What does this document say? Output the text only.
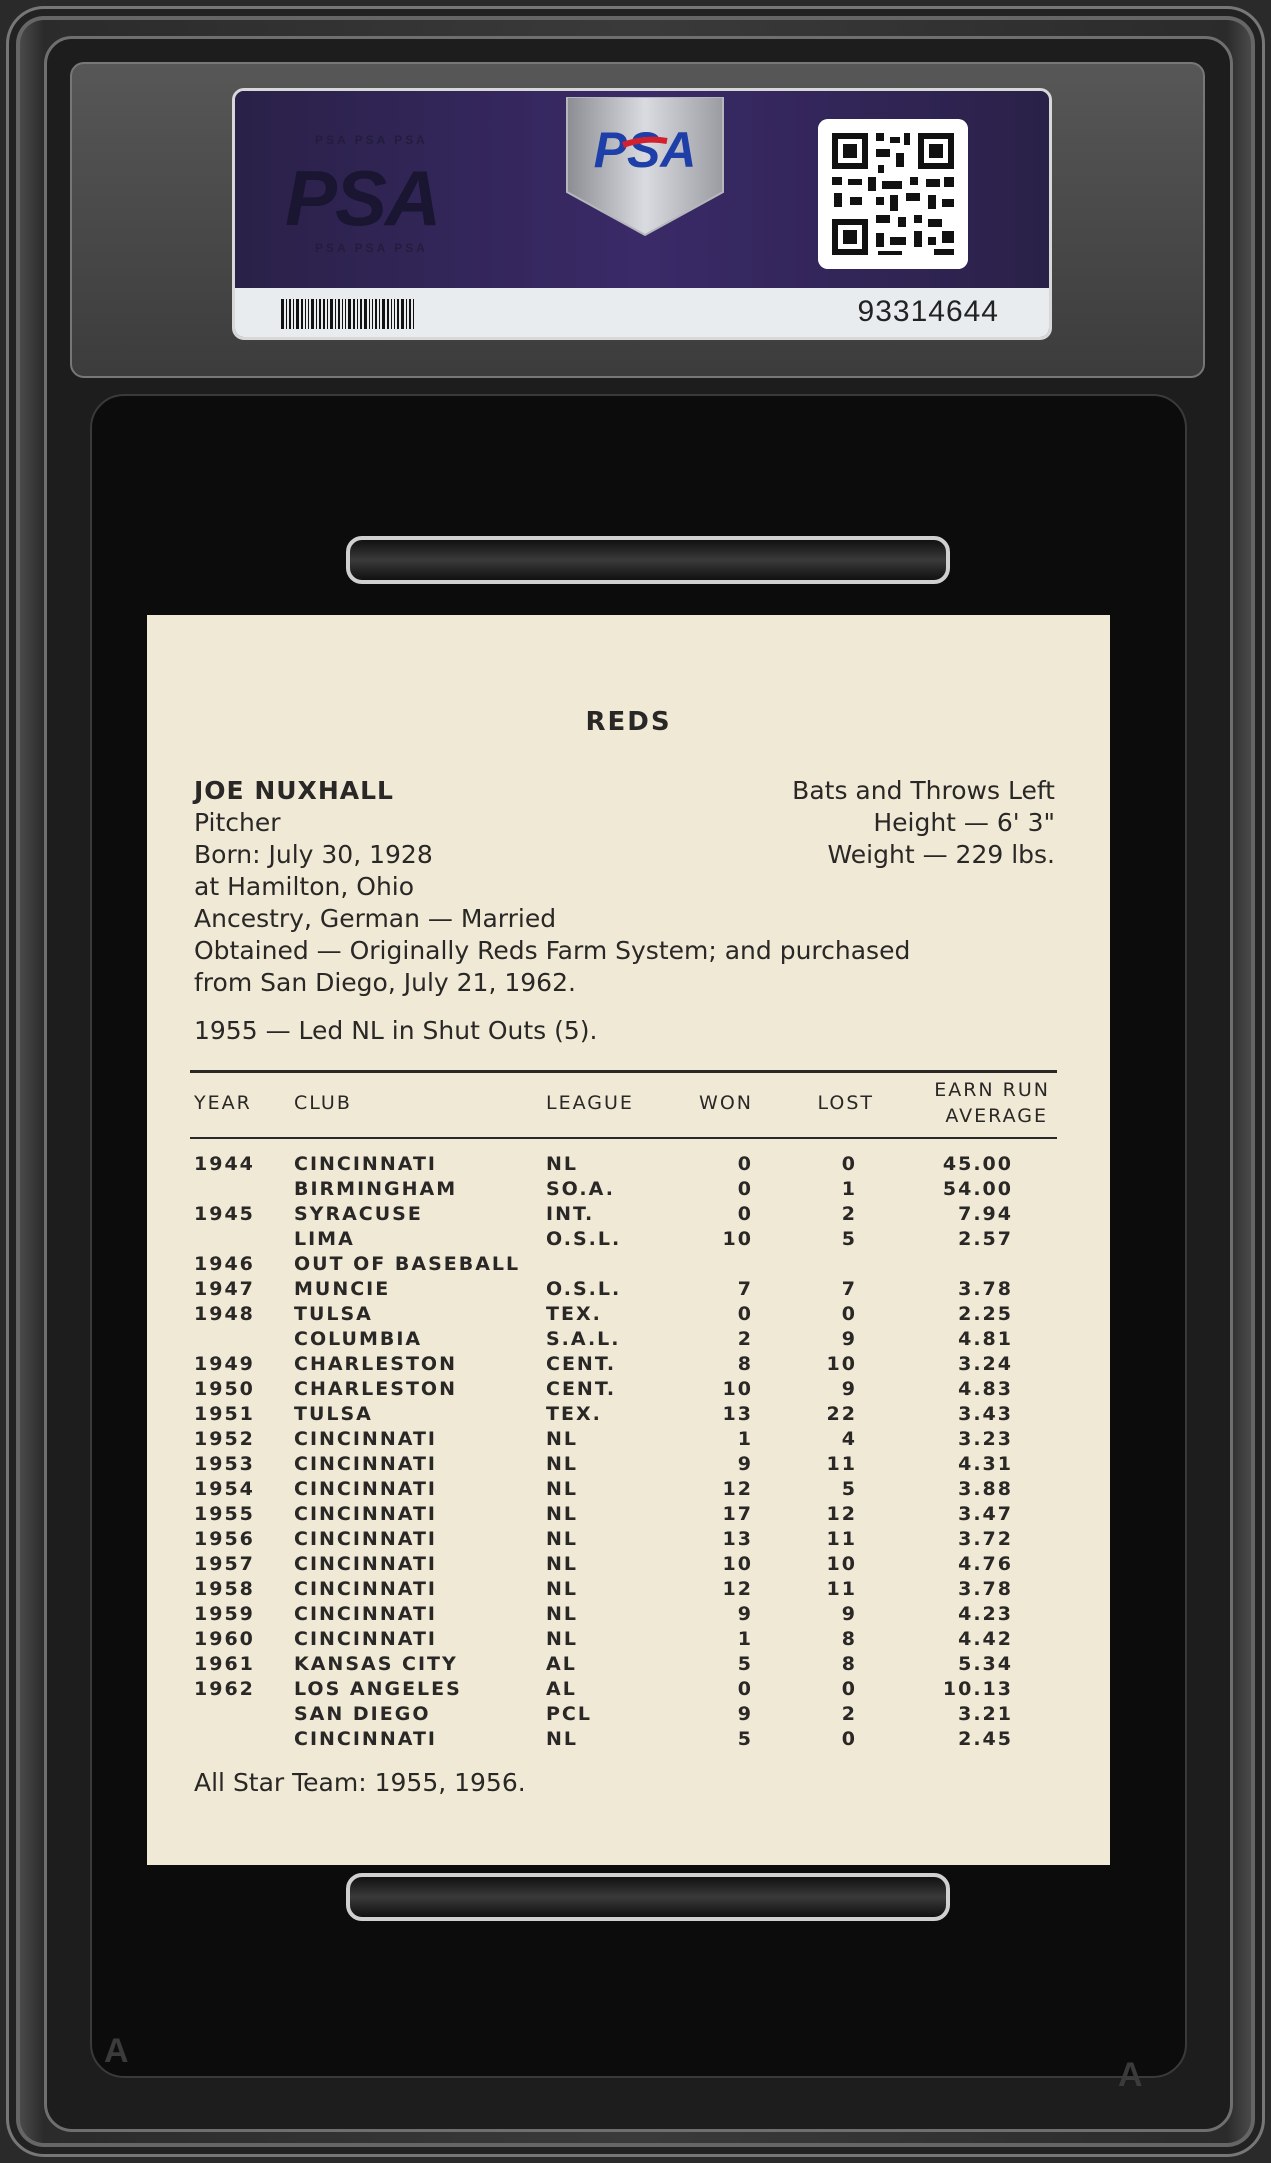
PSA PSA PSA
PSA
PSA PSA PSA
PSA
93314644
A
A
REDS
JOE NUXHALL
Pitcher
Born: July 30, 1928
at Hamilton, Ohio
Ancestry, German — Married
Obtained — Originally Reds Farm System; and purchased
from San Diego, July 21, 1962.
Bats and Throws Left
Height — 6' 3"
Weight — 229 lbs.
1955 — Led NL in Shut Outs (5).
YEAR CLUB	LEAGUE	WON	LOST
EARN RUN
AVERAGE
1944 CINCINNATI	NL	0	0	45.00
BIRMINGHAM	SO.A.	0	1	54.00
1945 SYRACUSE	INT.	0	2	7.94
LIMA	O.S.L.	10	5	2.57
1946 OUT OF BASEBALL
1947 MUNCIE	O.S.L.	7	7	3.78
1948 TULSA	TEX.	0	0	2.25
COLUMBIA	S.A.L.	2	9	4.81
1949 CHARLESTON	CENT.	8	10	3.24
1950 CHARLESTON	CENT.	10	9	4.83
1951 TULSA	TEX.	13	22	3.43
1952 CINCINNATI	NL	1	4	3.23
1953 CINCINNATI	NL	9	11	4.31
1954 CINCINNATI	NL	12	5	3.88
1955 CINCINNATI	NL	17	12	3.47
1956 CINCINNATI	NL	13	11	3.72
1957 CINCINNATI	NL	10	10	4.76
1958 CINCINNATI	NL	12	11	3.78
1959 CINCINNATI	NL	9	9	4.23
1960 CINCINNATI	NL	1	8	4.42
1961 KANSAS CITY	AL	5	8	5.34
1962 LOS ANGELES	AL	0	0	10.13
SAN DIEGO	PCL	9	2	3.21
CINCINNATI	NL	5	0	2.45
All Star Team: 1955, 1956.
